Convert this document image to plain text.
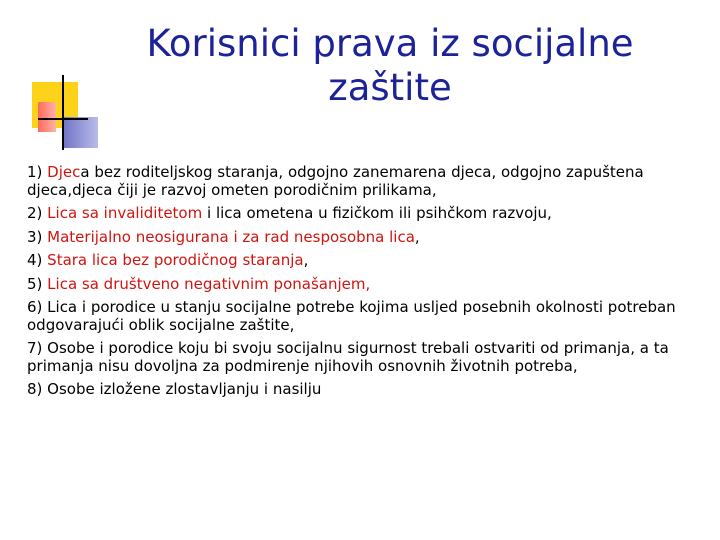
Korisnici prava iz socijalne
zaštite
1) Djeca bez roditeljskog staranja, odgojno zanemarena djeca, odgojno zapuštena djeca,djeca čiji je razvoj ometen porodičnim prilikama,
2) Lica sa invaliditetom i lica ometena u fizičkom ili psihčkom razvoju,
3) Materijalno neosigurana i za rad nesposobna lica,
4) Stara lica bez porodičnog staranja,
5) Lica sa društveno negativnim ponašanjem,
6) Lica i porodice u stanju socijalne potrebe kojima usljed posebnih okolnosti potreban odgovarajući oblik socijalne zaštite,
7) Osobe i porodice koju bi svoju socijalnu sigurnost trebali ostvariti od primanja, a ta primanja nisu dovoljna za podmirenje njihovih osnovnih životnih potreba,
8) Osobe izložene zlostavljanju i nasilju
